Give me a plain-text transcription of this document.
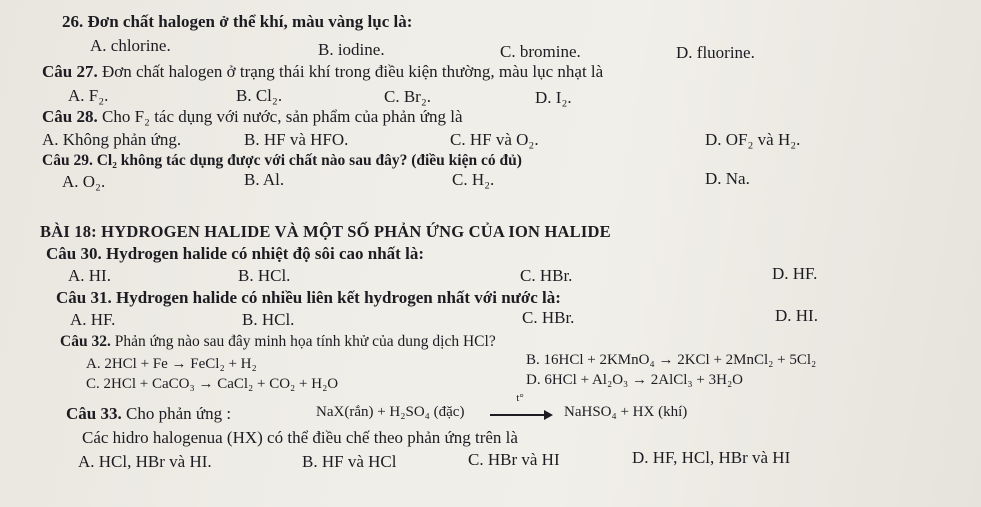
26. Đơn chất halogen ở thể khí, màu vàng lục là:
A. chlorine.	B. iodine.	C. bromine.	D. fluorine.
Câu 27. Đơn chất halogen ở trạng thái khí trong điều kiện thường, màu lục nhạt là
A. F₂.	B. Cl₂.	C. Br₂.	D. I₂.
Câu 28. Cho F₂ tác dụng với nước, sản phẩm của phản ứng là
A. Không phản ứng.	B. HF và HFO.	C. HF và O₂.	D. OF₂ và H₂.
Câu 29. Cl₂ không tác dụng được với chất nào sau đây? (điều kiện có đủ)
A. O₂.	B. Al.	C. H₂.	D. Na.
BÀI 18: HYDROGEN HALIDE VÀ MỘT SỐ PHẢN ỨNG CỦA ION HALIDE
Câu 30. Hydrogen halide có nhiệt độ sôi cao nhất là:
A. HI.	B. HCl.	C. HBr.	D. HF.
Câu 31. Hydrogen halide có nhiều liên kết hydrogen nhất với nước là:
A. HF.	B. HCl.	C. HBr.	D. HI.
Câu 32. Phản ứng nào sau đây minh họa tính khử của dung dịch HCl?
A. 2HCl + Fe → FeCl₂ + H₂	B. 16HCl + 2KMnO₄ → 2KCl + 2MnCl₂ + 5Cl₂
C. 2HCl + CaCO₃ → CaCl₂ + CO₂ + H₂O	D. 6HCl + Al₂O₃ → 2AlCl₃ + 3H₂O
Câu 33. Cho phản ứng :	NaX(rắn) + H₂SO₄ (đặc)
t°
NaHSO₄ + HX (khí)
Các hidro halogenua (HX) có thể điều chế theo phản ứng trên là
A. HCl, HBr và HI.	B. HF và HCl	C. HBr và HI	D. HF, HCl, HBr và HI
